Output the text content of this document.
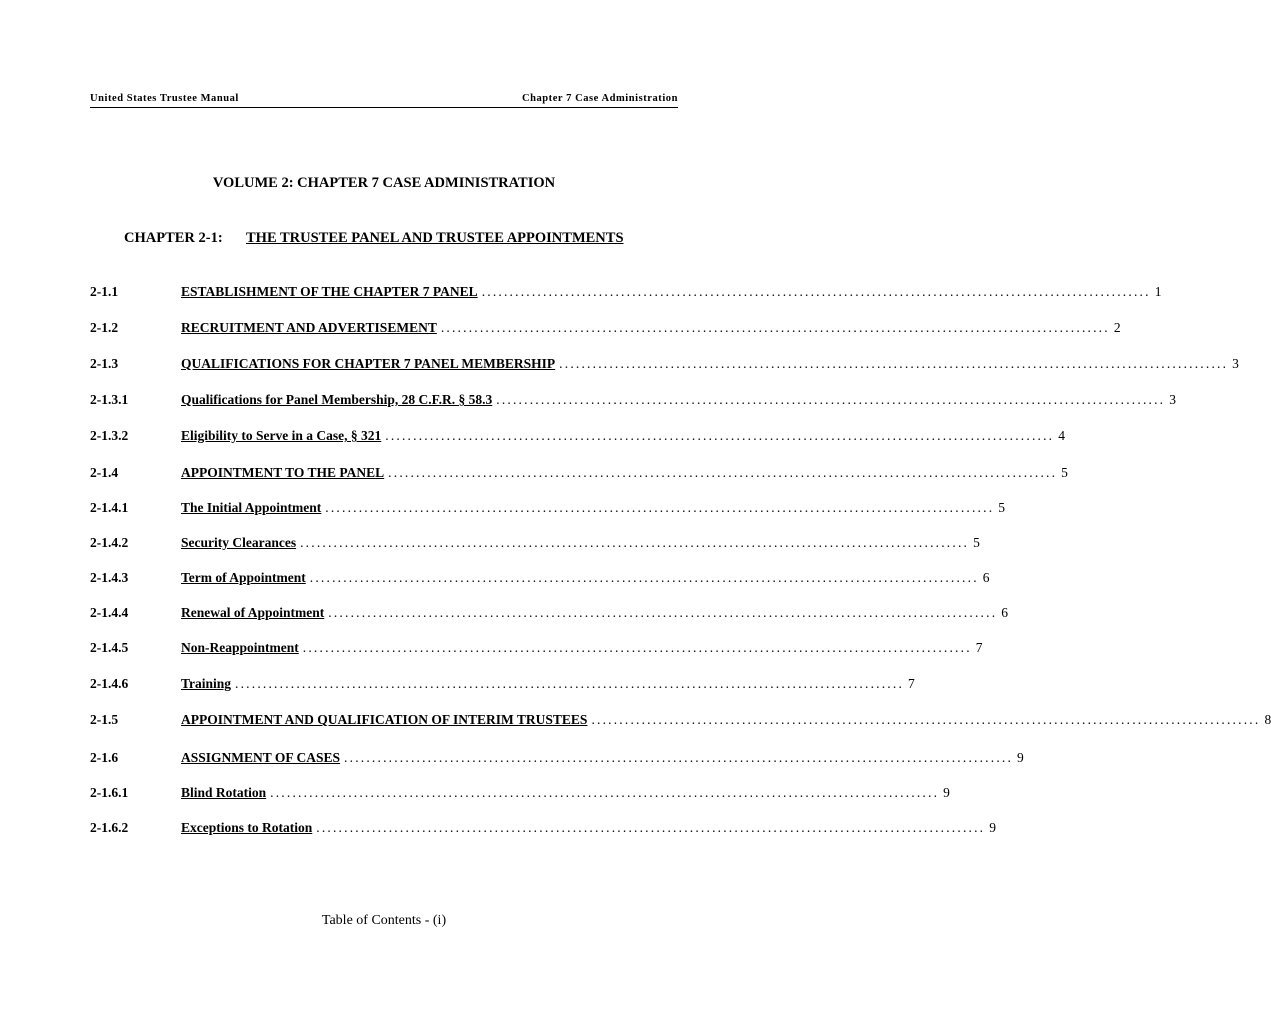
United States Trustee Manual	Chapter 7 Case Administration
VOLUME 2: CHAPTER 7 CASE ADMINISTRATION
CHAPTER 2-1: THE TRUSTEE PANEL AND TRUSTEE APPOINTMENTS
2-1.1	ESTABLISHMENT OF THE CHAPTER 7 PANEL ........................................................................................................................ 1
2-1.2	RECRUITMENT AND ADVERTISEMENT ........................................................................................................................ 2
2-1.3	QUALIFICATIONS FOR CHAPTER 7 PANEL MEMBERSHIP ........................................................................................................................ 3
2-1.3.1	Qualifications for Panel Membership, 28 C.F.R. § 58.3 ........................................................................................................................ 3
2-1.3.2	Eligibility to Serve in a Case, § 321 ........................................................................................................................ 4
2-1.4	APPOINTMENT TO THE PANEL ........................................................................................................................ 5
2-1.4.1	The Initial Appointment ........................................................................................................................ 5
2-1.4.2	Security Clearances ........................................................................................................................ 5
2-1.4.3	Term of Appointment ........................................................................................................................ 6
2-1.4.4	Renewal of Appointment ........................................................................................................................ 6
2-1.4.5	Non-Reappointment ........................................................................................................................ 7
2-1.4.6	Training ........................................................................................................................ 7
2-1.5	APPOINTMENT AND QUALIFICATION OF INTERIM TRUSTEES ........................................................................................................................ 8
2-1.6	ASSIGNMENT OF CASES ........................................................................................................................ 9
2-1.6.1	Blind Rotation ........................................................................................................................ 9
2-1.6.2	Exceptions to Rotation ........................................................................................................................ 9
Table of Contents - (i)
